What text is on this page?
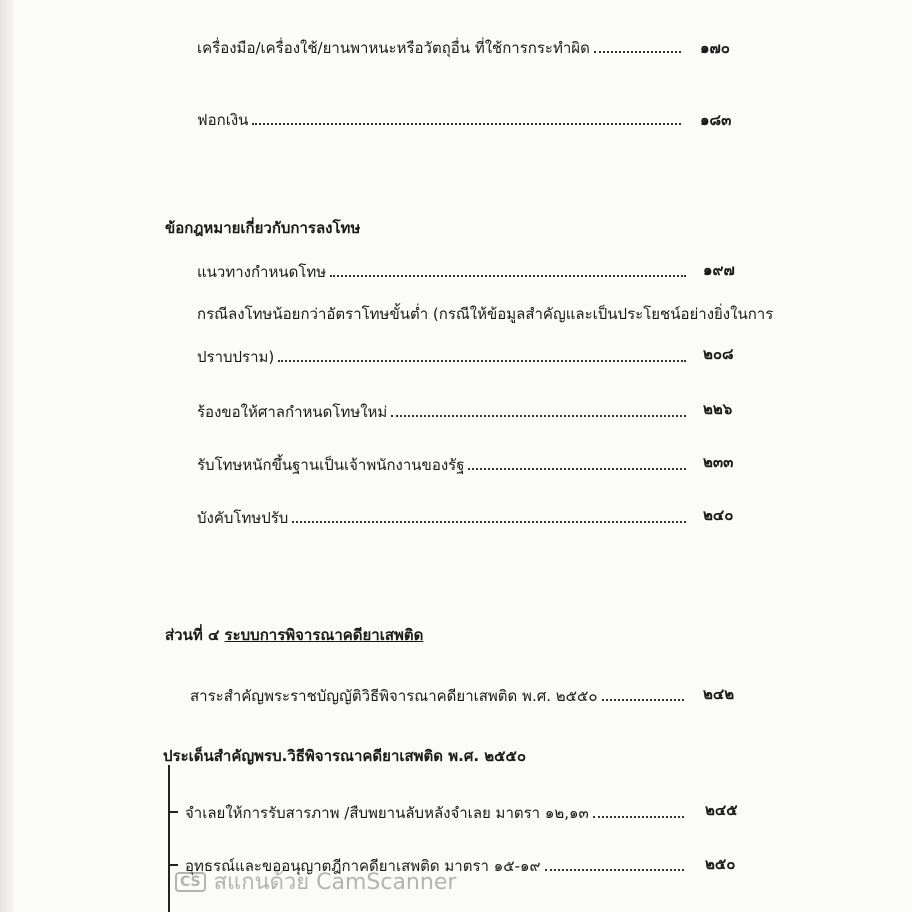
เครื่องมือ/เครื่องใช้/ยานพาหนะหรือวัตถุอื่น ที่ใช้การกระทำผิด	๑๗๐
ฟอกเงิน	๑๘๓
ข้อกฎหมายเกี่ยวกับการลงโทษ
แนวทางกำหนดโทษ	๑๙๗
กรณีลงโทษน้อยกว่าอัตราโทษขั้นต่ำ (กรณีให้ข้อมูลสำคัญและเป็นประโยชน์อย่างยิ่งในการ
ปราบปราม)	๒๐๘
ร้องขอให้ศาลกำหนดโทษใหม่	๒๒๖
รับโทษหนักขึ้นฐานเป็นเจ้าพนักงานของรัฐ	๒๓๓
บังคับโทษปรับ	๒๔๐
ส่วนที่ ๔ ระบบการพิจารณาคดียาเสพติด
สาระสำคัญพระราชบัญญัติวิธีพิจารณาคดียาเสพติด พ.ศ. ๒๕๕๐	๒๔๒
ประเด็นสำคัญพรบ.วิธีพิจารณาคดียาเสพติด พ.ศ. ๒๕๕๐
จำเลยให้การรับสารภาพ /สืบพยานลับหลังจำเลย มาตรา ๑๒,๑๓	๒๔๕
อุทธรณ์และขออนุญาตฎีกาคดียาเสพติด มาตรา ๑๕-๑๙	๒๕๐
CS สแกนด้วย CamScanner
